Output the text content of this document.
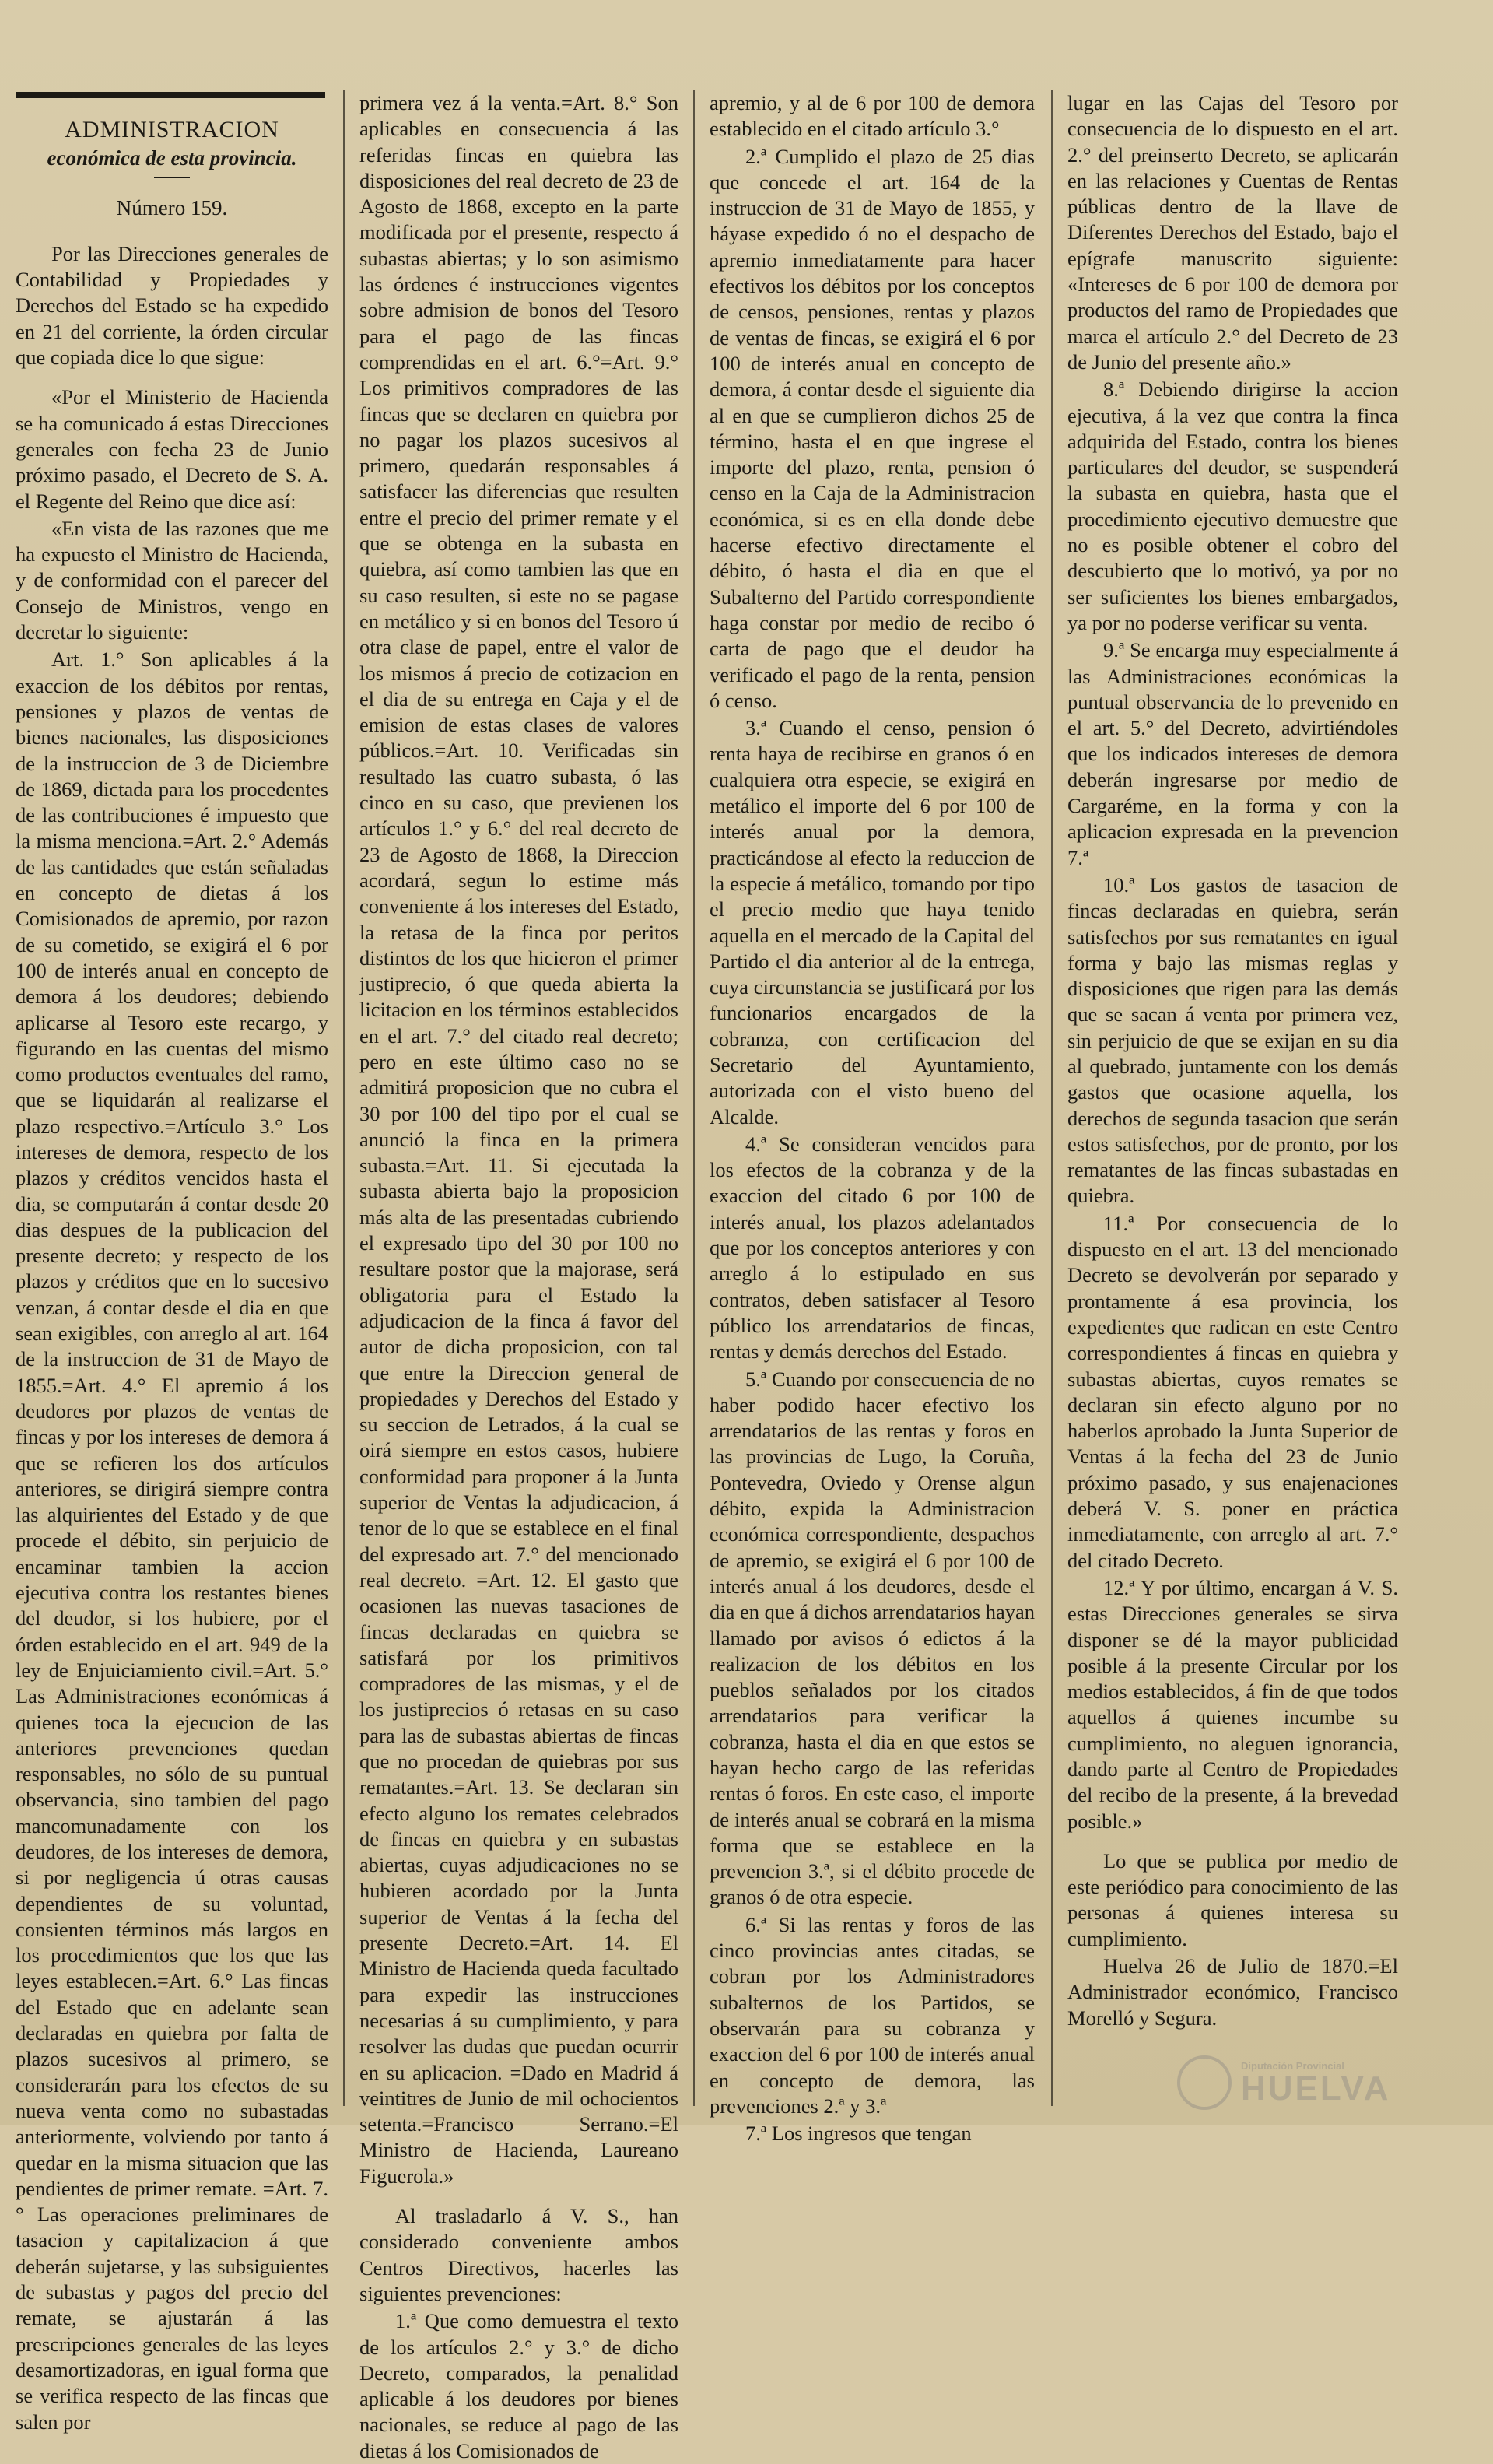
ADMINISTRACION
económica de esta provincia.
Número 159.

Por las Direcciones generales de Contabilidad y Propiedades y Derechos del Estado se ha expedido en 21 del corriente, la órden circular que copiada dice lo que sigue:

«Por el Ministerio de Hacienda se ha comunicado á estas Direcciones generales con fecha 23 de Junio próximo pasado, el Decreto de S. A. el Regente del Reino que dice así:

«En vista de las razones que me ha expuesto el Ministro de Hacienda, y de conformidad con el parecer del Consejo de Ministros, vengo en decretar lo siguiente:

Art. 1.° Son aplicables á la exaccion de los débitos por rentas, pensiones y plazos de ventas de bienes nacionales, las disposiciones de la instruccion de 3 de Diciembre de 1869, dictada para los procedentes de las contribuciones é impuesto que la misma menciona.=Art. 2.° Además de las cantidades que están señaladas en concepto de dietas á los Comisionados de apremio, por razon de su cometido, se exigirá el 6 por 100 de interés anual en concepto de demora á los deudores; debiendo aplicarse al Tesoro este recargo, y figurando en las cuentas del mismo como productos eventuales del ramo, que se liquidarán al realizarse el plazo respectivo.=Artículo 3.° Los intereses de demora, respecto de los plazos y créditos vencidos hasta el dia, se computarán á contar desde 20 dias despues de la publicacion del presente decreto; y respecto de los plazos y créditos que en lo sucesivo venzan, á contar desde el dia en que sean exigibles, con arreglo al art. 164 de la instruccion de 31 de Mayo de 1855.=Art. 4.° El apremio á los deudores por plazos de ventas de fincas y por los intereses de demora á que se refieren los dos artículos anteriores, se dirigirá siempre contra las alquirientes del Estado y de que procede el débito, sin perjuicio de encaminar tambien la accion ejecutiva contra los restantes bienes del deudor, si los hubiere, por el órden establecido en el art. 949 de la ley de Enjuiciamiento civil.=Art. 5.° Las Administraciones económicas á quienes toca la ejecucion de las anteriores prevenciones quedan responsables, no sólo de su puntual observancia, sino tambien del pago mancomunadamente con los deudores, de los intereses de demora, si por negligencia ú otras causas dependientes de su voluntad, consienten términos más largos en los procedimientos que los que las leyes establecen.=Art. 6.° Las fincas del Estado que en adelante sean declaradas en quiebra por falta de plazos sucesivos al primero, se considerarán para los efectos de su nueva venta como no subastadas anteriormente, volviendo por tanto á quedar en la misma situacion que las pendientes de primer remate. =Art. 7.° Las operaciones preliminares de tasacion y capitalizacion á que deberán sujetarse, y las subsiguientes de subastas y pagos del precio del remate, se ajustarán á las prescripciones generales de las leyes desamortizadoras, en igual forma que se verifica respecto de las fincas que salen por

primera vez á la venta.=Art. 8.° Son aplicables en consecuencia á las referidas fincas en quiebra las disposiciones del real decreto de 23 de Agosto de 1868, excepto en la parte modificada por el presente, respecto á subastas abiertas; y lo son asimismo las órdenes é instrucciones vigentes sobre admision de bonos del Tesoro para el pago de las fincas comprendidas en el art. 6.°=Art. 9.° Los primitivos compradores de las fincas que se declaren en quiebra por no pagar los plazos sucesivos al primero, quedarán responsables á satisfacer las diferencias que resulten entre el precio del primer remate y el que se obtenga en la subasta en quiebra, así como tambien las que en su caso resulten, si este no se pagase en metálico y si en bonos del Tesoro ú otra clase de papel, entre el valor de los mismos á precio de cotizacion en el dia de su entrega en Caja y el de emision de estas clases de valores públicos.=Art. 10. Verificadas sin resultado las cuatro subasta, ó las cinco en su caso, que previenen los artículos 1.° y 6.° del real decreto de 23 de Agosto de 1868, la Direccion acordará, segun lo estime más conveniente á los intereses del Estado, la retasa de la finca por peritos distintos de los que hicieron el primer justiprecio, ó que queda abierta la licitacion en los términos establecidos en el art. 7.° del citado real decreto; pero en este último caso no se admitirá proposicion que no cubra el 30 por 100 del tipo por el cual se anunció la finca en la primera subasta.=Art. 11. Si ejecutada la subasta abierta bajo la proposicion más alta de las presentadas cubriendo el expresado tipo del 30 por 100 no resultare postor que la majorase, será obligatoria para el Estado la adjudicacion de la finca á favor del autor de dicha proposicion, con tal que entre la Direccion general de propiedades y Derechos del Estado y su seccion de Letrados, á la cual se oirá siempre en estos casos, hubiere conformidad para proponer á la Junta superior de Ventas la adjudicacion, á tenor de lo que se establece en el final del expresado art. 7.° del mencionado real decreto. =Art. 12. El gasto que ocasionen las nuevas tasaciones de fincas declaradas en quiebra se satisfará por los primitivos compradores de las mismas, y el de los justiprecios ó retasas en su caso para las de subastas abiertas de fincas que no procedan de quiebras por sus rematantes.=Art. 13. Se declaran sin efecto alguno los remates celebrados de fincas en quiebra y en subastas abiertas, cuyas adjudicaciones no se hubieren acordado por la Junta superior de Ventas á la fecha del presente Decreto.=Art. 14. El Ministro de Hacienda queda facultado para expedir las instrucciones necesarias á su cumplimiento, y para resolver las dudas que puedan ocurrir en su aplicacion. =Dado en Madrid á veintitres de Junio de mil ochocientos setenta.=Francisco Serrano.=El Ministro de Hacienda, Laureano Figuerola.»

Al trasladarlo á V. S., han considerado conveniente ambos Centros Directivos, hacerles las siguientes prevenciones:

1.ª Que como demuestra el texto de los artículos 2.° y 3.° de dicho Decreto, comparados, la penalidad aplicable á los deudores por bienes nacionales, se reduce al pago de las dietas á los Comisionados de

apremio, y al de 6 por 100 de demora establecido en el citado artículo 3.°

2.ª Cumplido el plazo de 25 dias que concede el art. 164 de la instruccion de 31 de Mayo de 1855, y háyase expedido ó no el despacho de apremio inmediatamente para hacer efectivos los débitos por los conceptos de censos, pensiones, rentas y plazos de ventas de fincas, se exigirá el 6 por 100 de interés anual en concepto de demora, á contar desde el siguiente dia al en que se cumplieron dichos 25 de término, hasta el en que ingrese el importe del plazo, renta, pension ó censo en la Caja de la Administracion económica, si es en ella donde debe hacerse efectivo directamente el débito, ó hasta el dia en que el Subalterno del Partido correspondiente haga constar por medio de recibo ó carta de pago que el deudor ha verificado el pago de la renta, pension ó censo.

3.ª Cuando el censo, pension ó renta haya de recibirse en granos ó en cualquiera otra especie, se exigirá en metálico el importe del 6 por 100 de interés anual por la demora, practicándose al efecto la reduccion de la especie á metálico, tomando por tipo el precio medio que haya tenido aquella en el mercado de la Capital del Partido el dia anterior al de la entrega, cuya circunstancia se justificará por los funcionarios encargados de la cobranza, con certificacion del Secretario del Ayuntamiento, autorizada con el visto bueno del Alcalde.

4.ª Se consideran vencidos para los efectos de la cobranza y de la exaccion del citado 6 por 100 de interés anual, los plazos adelantados que por los conceptos anteriores y con arreglo á lo estipulado en sus contratos, deben satisfacer al Tesoro público los arrendatarios de fincas, rentas y demás derechos del Estado.

5.ª Cuando por consecuencia de no haber podido hacer efectivo los arrendatarios de las rentas y foros en las provincias de Lugo, la Coruña, Pontevedra, Oviedo y Orense algun débito, expida la Administracion económica correspondiente, despachos de apremio, se exigirá el 6 por 100 de interés anual á los deudores, desde el dia en que á dichos arrendatarios hayan llamado por avisos ó edictos á la realizacion de los débitos en los pueblos señalados por los citados arrendatarios para verificar la cobranza, hasta el dia en que estos se hayan hecho cargo de las referidas rentas ó foros. En este caso, el importe de interés anual se cobrará en la misma forma que se establece en la prevencion 3.ª, si el débito procede de granos ó de otra especie.

6.ª Si las rentas y foros de las cinco provincias antes citadas, se cobran por los Administradores subalternos de los Partidos, se observarán para su cobranza y exaccion del 6 por 100 de interés anual en concepto de demora, las prevenciones 2.ª y 3.ª

7.ª Los ingresos que tengan

lugar en las Cajas del Tesoro por consecuencia de lo dispuesto en el art. 2.° del preinserto Decreto, se aplicarán en las relaciones y Cuentas de Rentas públicas dentro de la llave de Diferentes Derechos del Estado, bajo el epígrafe manuscrito siguiente: «Intereses de 6 por 100 de demora por productos del ramo de Propiedades que marca el artículo 2.° del Decreto de 23 de Junio del presente año.»

8.ª Debiendo dirigirse la accion ejecutiva, á la vez que contra la finca adquirida del Estado, contra los bienes particulares del deudor, se suspenderá la subasta en quiebra, hasta que el procedimiento ejecutivo demuestre que no es posible obtener el cobro del descubierto que lo motivó, ya por no ser suficientes los bienes embargados, ya por no poderse verificar su venta.

9.ª Se encarga muy especialmente á las Administraciones económicas la puntual observancia de lo prevenido en el art. 5.° del Decreto, advirtiéndoles que los indicados intereses de demora deberán ingresarse por medio de Cargaréme, en la forma y con la aplicacion expresada en la prevencion 7.ª

10.ª Los gastos de tasacion de fincas declaradas en quiebra, serán satisfechos por sus rematantes en igual forma y bajo las mismas reglas y disposiciones que rigen para las demás que se sacan á venta por primera vez, sin perjuicio de que se exijan en su dia al quebrado, juntamente con los demás gastos que ocasione aquella, los derechos de segunda tasacion que serán estos satisfechos, por de pronto, por los rematantes de las fincas subastadas en quiebra.

11.ª Por consecuencia de lo dispuesto en el art. 13 del mencionado Decreto se devolverán por separado y prontamente á esa provincia, los expedientes que radican en este Centro correspondientes á fincas en quiebra y subastas abiertas, cuyos remates se declaran sin efecto alguno por no haberlos aprobado la Junta Superior de Ventas á la fecha del 23 de Junio próximo pasado, y sus enajenaciones deberá V. S. poner en práctica inmediatamente, con arreglo al art. 7.° del citado Decreto.

12.ª Y por último, encargan á V. S. estas Direcciones generales se sirva disponer se dé la mayor publicidad posible á la presente Circular por los medios establecidos, á fin de que todos aquellos á quienes incumbe su cumplimiento, no aleguen ignorancia, dando parte al Centro de Propiedades del recibo de la presente, á la brevedad posible.»

Lo que se publica por medio de este periódico para conocimiento de las personas á quienes interesa su cumplimiento.

Huelva 26 de Julio de 1870.=El Administrador económico, Francisco Morelló y Segura.

Diputación Provincial
HUELVA
